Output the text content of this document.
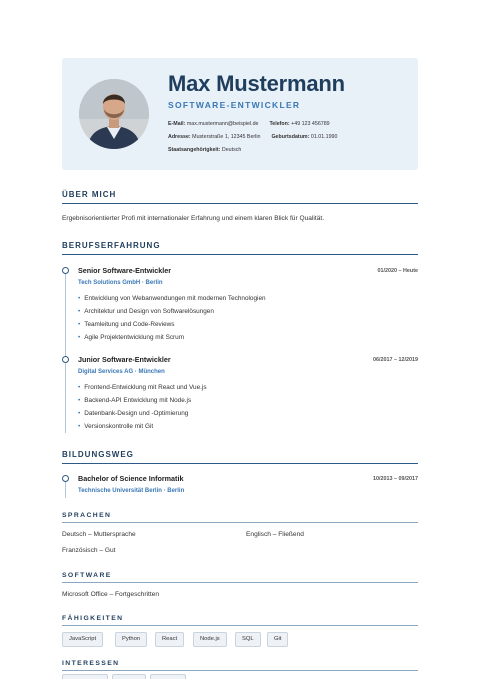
Max Mustermann
SOFTWARE-ENTWICKLER
E-Mail: max.mustermann@beispiel.de Telefon: +49 123 456789
Adresse: Musterstraße 1, 12345 Berlin Geburtsdatum: 01.01.1990
Staatsangehörigkeit: Deutsch
ÜBER MICH
Ergebnisorientierter Profi mit internationaler Erfahrung und einem klaren Blick für Qualität.
BERUFSERFAHRUNG
Senior Software-Entwickler	01/2020 – Heute
Tech Solutions GmbH · Berlin
• Entwicklung von Webanwendungen mit modernen Technologien
• Architektur und Design von Softwarelösungen
• Teamleitung und Code-Reviews
• Agile Projektentwicklung mit Scrum
Junior Software-Entwickler	06/2017 – 12/2019
Digital Services AG · München
• Frontend-Entwicklung mit React und Vue.js
• Backend-API Entwicklung mit Node.js
• Datenbank-Design und -Optimierung
• Versionskontrolle mit Git
BILDUNGSWEG
Bachelor of Science Informatik	10/2013 – 09/2017
Technische Universität Berlin · Berlin
SPRACHEN
Deutsch – Muttersprache	Englisch – Fließend
Französisch – Gut
SOFTWARE
Microsoft Office – Fortgeschritten
FÄHIGKEITEN
JavaScript	Python	React	Node.js	SQL	Git
INTERESSEN
